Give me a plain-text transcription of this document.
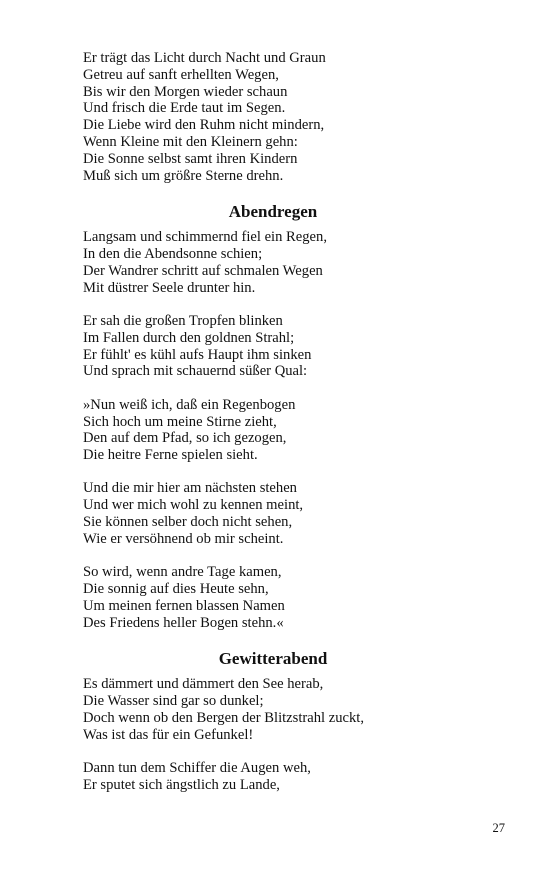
Er trägt das Licht durch Nacht und Graun
Getreu auf sanft erhellten Wegen,
Bis wir den Morgen wieder schaun
Und frisch die Erde taut im Segen.
Die Liebe wird den Ruhm nicht mindern,
Wenn Kleine mit den Kleinern gehn:
Die Sonne selbst samt ihren Kindern
Muß sich um größre Sterne drehn.
Abendregen
Langsam und schimmernd fiel ein Regen,
In den die Abendsonne schien;
Der Wandrer schritt auf schmalen Wegen
Mit düstrer Seele drunter hin.
Er sah die großen Tropfen blinken
Im Fallen durch den goldnen Strahl;
Er fühlt' es kühl aufs Haupt ihm sinken
Und sprach mit schauernd süßer Qual:
»Nun weiß ich, daß ein Regenbogen
Sich hoch um meine Stirne zieht,
Den auf dem Pfad, so ich gezogen,
Die heitre Ferne spielen sieht.
Und die mir hier am nächsten stehen
Und wer mich wohl zu kennen meint,
Sie können selber doch nicht sehen,
Wie er versöhnend ob mir scheint.
So wird, wenn andre Tage kamen,
Die sonnig auf dies Heute sehn,
Um meinen fernen blassen Namen
Des Friedens heller Bogen stehn.«
Gewitterabend
Es dämmert und dämmert den See herab,
Die Wasser sind gar so dunkel;
Doch wenn ob den Bergen der Blitzstrahl zuckt,
Was ist das für ein Gefunkel!
Dann tun dem Schiffer die Augen weh,
Er sputet sich ängstlich zu Lande,
27
